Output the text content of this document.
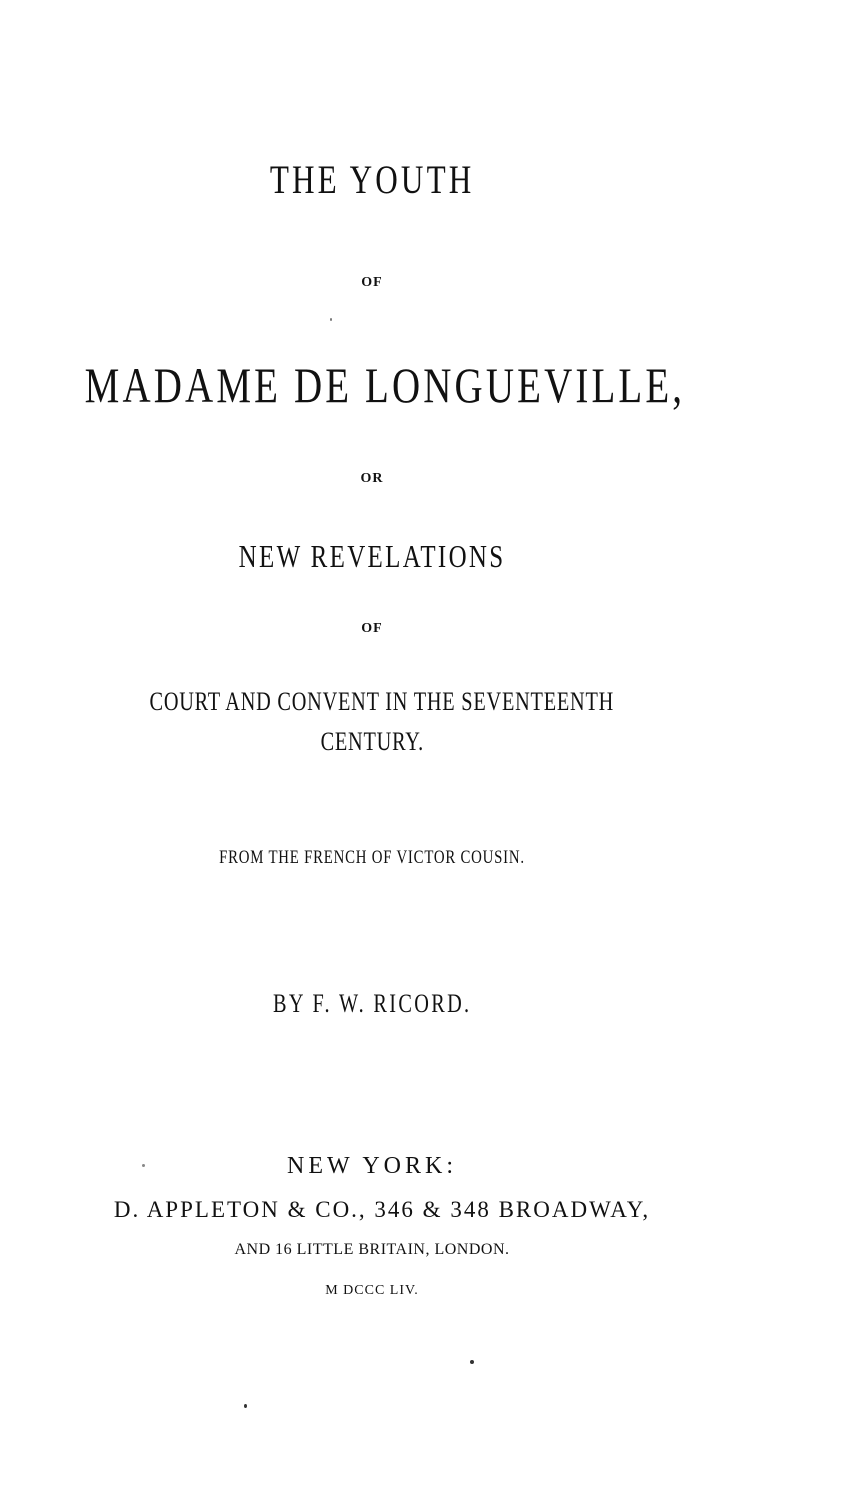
THE YOUTH
OF
MADAME DE LONGUEVILLE,
OR
NEW REVELATIONS
OF
COURT AND CONVENT IN THE SEVENTEENTH
CENTURY.
FROM THE FRENCH OF VICTOR COUSIN.
BY F. W. RICORD.
NEW YORK:
D. APPLETON & CO., 346 & 348 BROADWAY,
AND 16 LITTLE BRITAIN, LONDON.
M DCCC LIV.
